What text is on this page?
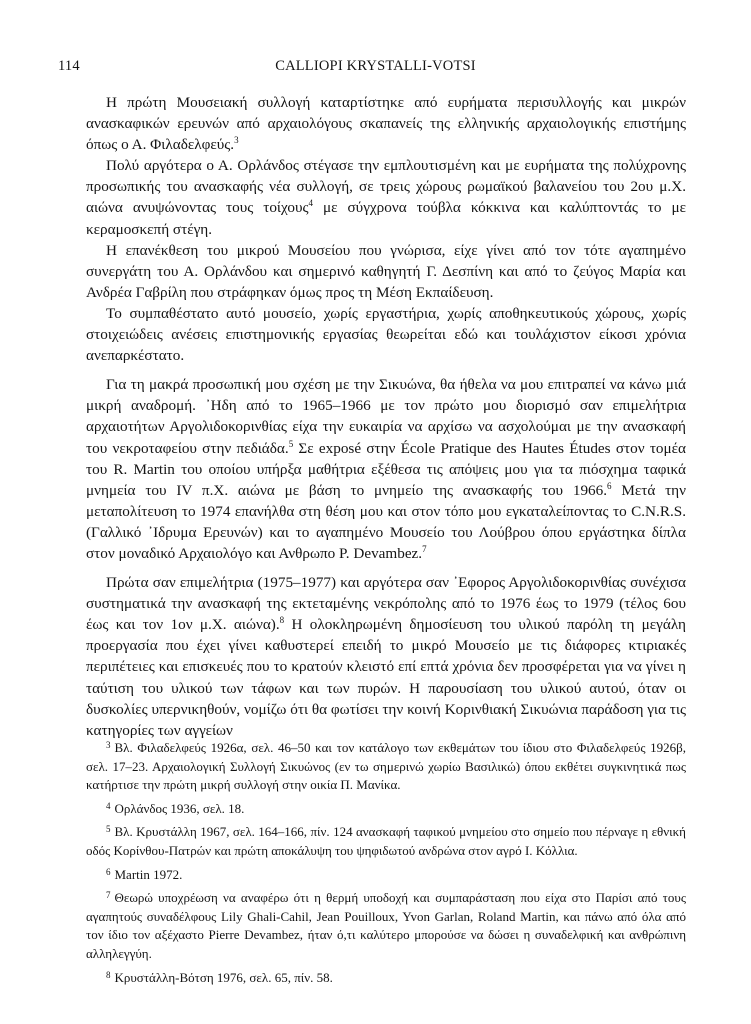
114	CALLIOPI KRYSTALLI-VOTSI

Η πρώτη Μουσειακή συλλογή καταρτίστηκε από ευρήματα περισυλλογής και μικρών ανασκαφικών ερευνών από αρχαιολόγους σκαπανείς της ελληνικής αρχαιολογικής επιστήμης όπως ο Α. Φιλαδελφεύς.$^3$

Πολύ αργότερα ο Α. Ορλάνδος στέγασε την εμπλουτισμένη και με ευρήματα της πολύχρονης προσωπικής του ανασκαφής νέα συλλογή, σε τρεις χώρους ρωμαϊκού βαλανείου του 2ου μ.Χ. αιώνα ανυψώνοντας τους τοίχους$^4$ με σύγχρονα τούβλα κόκκινα και καλύπτοντάς το με κεραμοσκεπή στέγη.

Η επανέκθεση του μικρού Μουσείου που γνώρισα, είχε γίνει από τον τότε αγαπημένο συνεργάτη του Α. Ορλάνδου και σημερινό καθηγητή Γ. Δεσπίνη και από το ζεύγος Μαρία και Ανδρέα Γαβρίλη που στράφηκαν όμως προς τη Μέση Εκπαίδευση.

Το συμπαθέστατο αυτό μουσείο, χωρίς εργαστήρια, χωρίς αποθηκευτικούς χώρους, χωρίς στοιχειώδεις ανέσεις επιστημονικής εργασίας θεωρείται εδώ και τουλάχιστον είκοσι χρόνια ανεπαρκέστατο.

Για τη μακρά προσωπική μου σχέση με την Σικυώνα, θα ήθελα να μου επιτραπεί να κάνω μιά μικρή αναδρομή. ᾽Ηδη από το 1965–1966 με τον πρώτο μου διορισμό σαν επιμελήτρια αρχαιοτήτων Αργολιδοκορινθίας είχα την ευκαιρία να αρχίσω να ασχολούμαι με την ανασκαφή του νεκροταφείου στην πεδιάδα.$^5$ Σε exposé στην École Pratique des Hautes Études στον τομέα του R. Martin του οποίου υπήρξα μαθήτρια εξέθεσα τις απόψεις μου για τα πιόσχημα ταφικά μνημεία του IV π.Χ. αιώνα με βάση το μνημείο της ανασκαφής του 1966.$^6$ Μετά την μεταπολίτευση το 1974 επανήλθα στη θέση μου και στον τόπο μου εγκαταλείποντας το C.N.R.S. (Γαλλικό ᾽Ιδρυμα Ερευνών) και το αγαπημένο Μουσείο του Λούβρου όπου εργάστηκα δίπλα στον μοναδικό Αρχαιολόγο και Ανθρωπο P. Devambez.$^7$

Πρώτα σαν επιμελήτρια (1975–1977) και αργότερα σαν ᾽Εφορος Αργολιδοκορινθίας συνέχισα συστηματικά την ανασκαφή της εκτεταμένης νεκρόπολης από το 1976 έως το 1979 (τέλος 6ου έως και τον 1ον μ.Χ. αιώνα).$^8$ Η ολοκληρωμένη δημοσίευση του υλικού παρόλη τη μεγάλη προεργασία που έχει γίνει καθυστερεί επειδή το μικρό Μουσείο με τις διάφορες κτιριακές περιπέτειες και επισκευές που το κρατούν κλειστό επί επτά χρόνια δεν προσφέρεται για να γίνει η ταύτιση του υλικού των τάφων και των πυρών. Η παρουσίαση του υλικού αυτού, όταν οι δυσκολίες υπερνικηθούν, νομίζω ότι θα φωτίσει την κοινή Κορινθιακή Σικυώνια παράδοση για τις κατηγορίες των αγγείων

$^3$ Βλ. Φιλαδελφεύς 1926α, σελ. 46–50 και τον κατάλογο των εκθεμάτων του ίδιου στο Φιλαδελφεύς 1926β, σελ. 17–23. Αρχαιολογική Συλλογή Σικυώνος (εν τω σημερινώ χωρίω Βασιλικώ) όπου εκθέτει συγκινητικά πως κατήρτισε την πρώτη μικρή συλλογή στην οικία Π. Μανίκα.

$^4$ Ορλάνδος 1936, σελ. 18.

$^5$ Βλ. Κρυστάλλη 1967, σελ. 164–166, πίν. 124 ανασκαφή ταφικού μνημείου στο σημείο που πέρναγε η εθνική οδός Κορίνθου-Πατρών και πρώτη αποκάλυψη του ψηφιδωτού ανδρώνα στον αγρό Ι. Κόλλια.

$^6$ Martin 1972.

$^7$ Θεωρώ υποχρέωση να αναφέρω ότι η θερμή υποδοχή και συμπαράσταση που είχα στο Παρίσι από τους αγαπητούς συναδέλφους Lily Ghali-Cahil, Jean Pouilloux, Yvon Garlan, Roland Martin, και πάνω από όλα από τον ίδιο τον αξέχαστο Pierre Devambez, ήταν ό,τι καλύτερο μπορούσε να δώσει η συναδελφική και ανθρώπινη αλληλεγγύη.

$^8$ Κρυστάλλη-Βότση 1976, σελ. 65, πίν. 58.
